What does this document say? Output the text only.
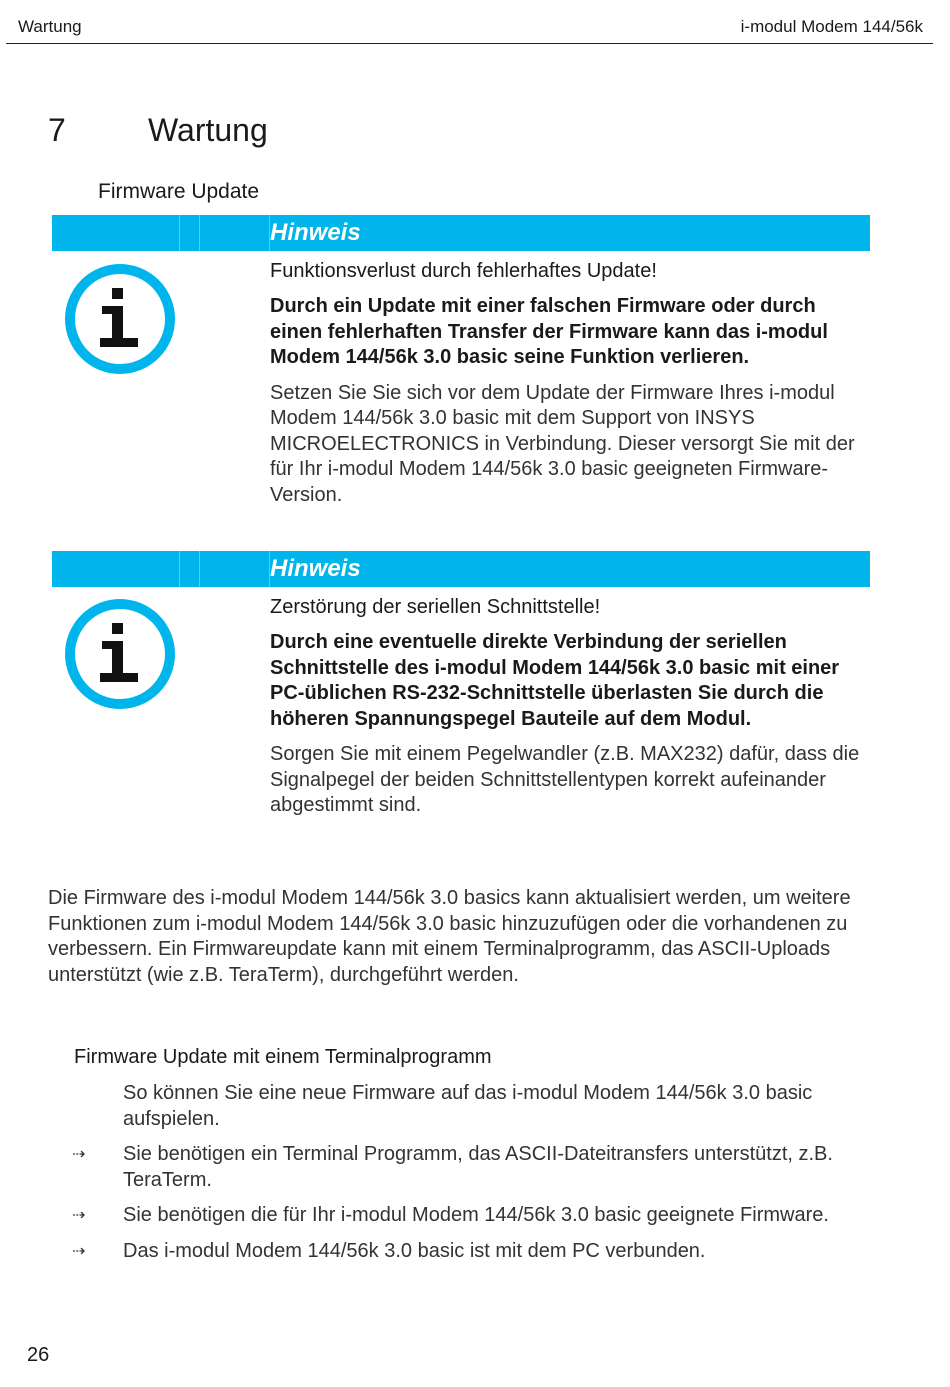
Wartung	i-modul Modem 144/56k
7	Wartung
Firmware Update
Hinweis

Funktionsverlust durch fehlerhaftes Update!

Durch ein Update mit einer falschen Firmware oder durch einen fehlerhaften Transfer der Firmware kann das i-modul Modem 144/56k 3.0 basic seine Funktion verlieren.

Setzen Sie Sie sich vor dem Update der Firmware Ihres i-modul Modem 144/56k 3.0 basic mit dem Support von INSYS MICROELECTRONICS in Verbindung. Dieser versorgt Sie mit der für Ihr i-modul Modem 144/56k 3.0 basic geeigneten Firmware-Version.

Hinweis

Zerstörung der seriellen Schnittstelle!

Durch eine eventuelle direkte Verbindung der seriellen Schnittstelle des i-modul Modem 144/56k 3.0 basic mit einer PC-üblichen RS-232-Schnittstelle überlasten Sie durch die höheren Spannungspegel Bauteile auf dem Modul.

Sorgen Sie mit einem Pegelwandler (z.B. MAX232) dafür, dass die Signalpegel der beiden Schnittstellentypen korrekt aufeinander abgestimmt sind.

Die Firmware des i-modul Modem 144/56k 3.0 basics kann aktualisiert werden, um weitere Funktionen zum i-modul Modem 144/56k 3.0 basic hinzuzufügen oder die vorhandenen zu verbessern. Ein Firmwareupdate kann mit einem Terminalprogramm, das ASCII-Uploads unterstützt (wie z.B. TeraTerm), durchgeführt werden.

Firmware Update mit einem Terminalprogramm
So können Sie eine neue Firmware auf das i-modul Modem 144/56k 3.0 basic aufspielen.
⇢ Sie benötigen ein Terminal Programm, das ASCII-Dateitransfers unterstützt, z.B. TeraTerm.
⇢ Sie benötigen die für Ihr i-modul Modem 144/56k 3.0 basic geeignete Firmware.
⇢ Das i-modul Modem 144/56k 3.0 basic ist mit dem PC verbunden.
26
